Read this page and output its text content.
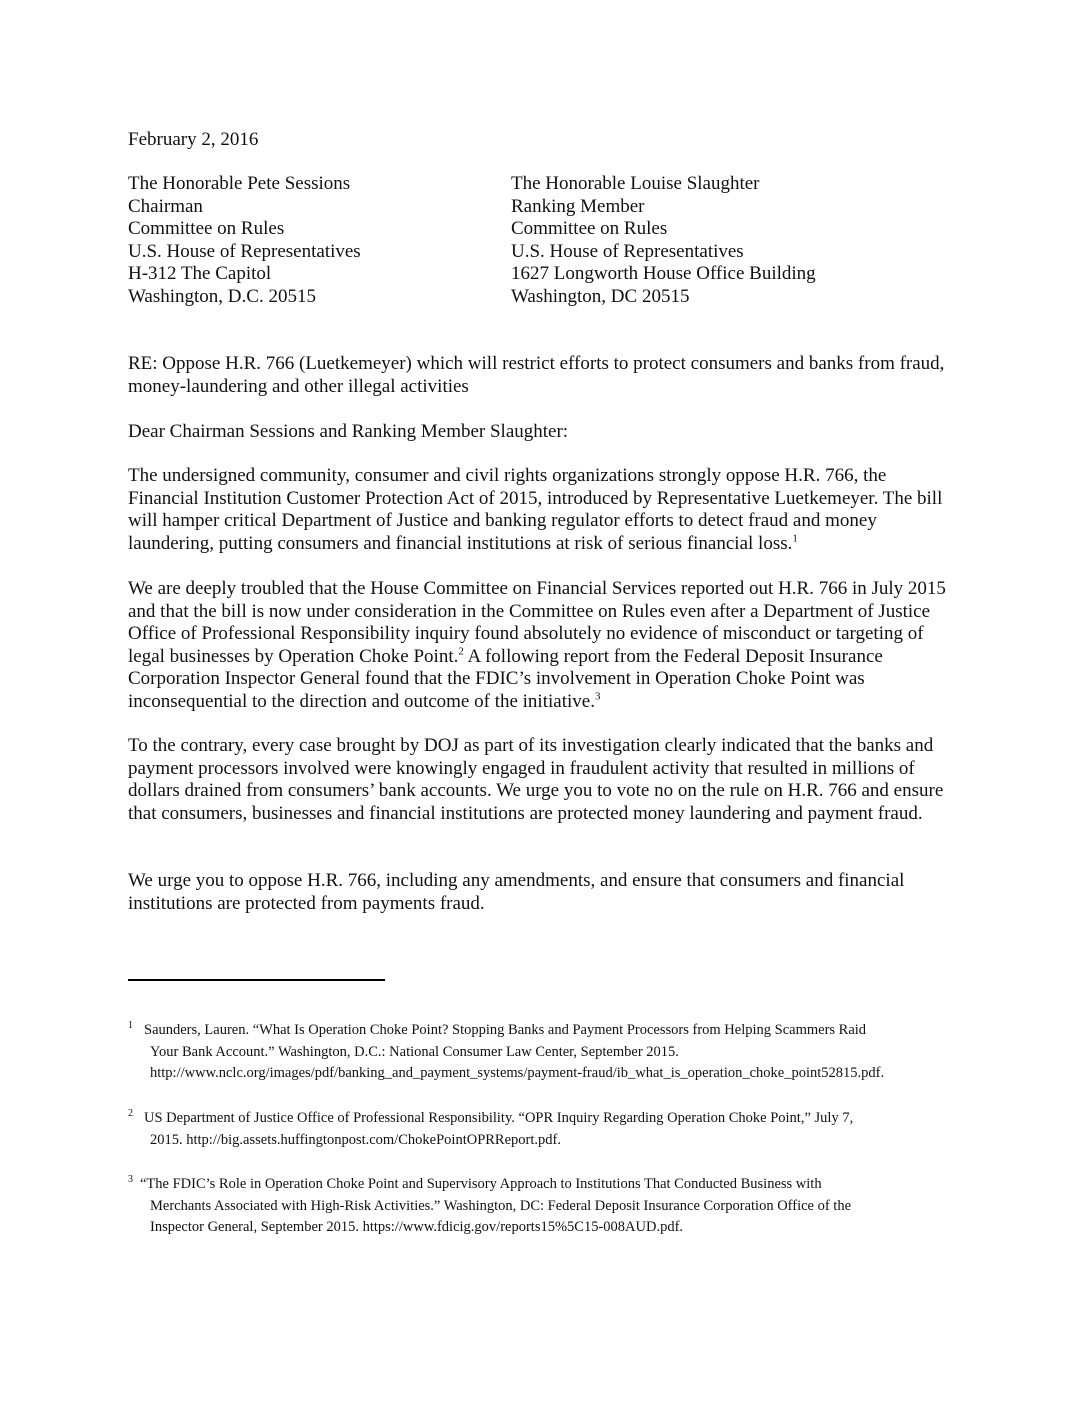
February 2, 2016
The Honorable Pete Sessions
Chairman
Committee on Rules
U.S. House of Representatives
H-312 The Capitol
Washington, D.C. 20515
The Honorable Louise Slaughter
Ranking Member
Committee on Rules
U.S. House of Representatives
1627 Longworth House Office Building
Washington, DC 20515
RE: Oppose H.R. 766 (Luetkemeyer) which will restrict efforts to protect consumers and banks from fraud, money-laundering and other illegal activities
Dear Chairman Sessions and Ranking Member Slaughter:
The undersigned community, consumer and civil rights organizations strongly oppose H.R. 766, the Financial Institution Customer Protection Act of 2015, introduced by Representative Luetkemeyer. The bill will hamper critical Department of Justice and banking regulator efforts to detect fraud and money laundering, putting consumers and financial institutions at risk of serious financial loss.$^1$
We are deeply troubled that the House Committee on Financial Services reported out H.R. 766 in July 2015 and that the bill is now under consideration in the Committee on Rules even after a Department of Justice Office of Professional Responsibility inquiry found absolutely no evidence of misconduct or targeting of legal businesses by Operation Choke Point.$^2$ A following report from the Federal Deposit Insurance Corporation Inspector General found that the FDIC’s involvement in Operation Choke Point was inconsequential to the direction and outcome of the initiative.$^3$
To the contrary, every case brought by DOJ as part of its investigation clearly indicated that the banks and payment processors involved were knowingly engaged in fraudulent activity that resulted in millions of dollars drained from consumers’ bank accounts. We urge you to vote no on the rule on H.R. 766 and ensure that consumers, businesses and financial institutions are protected money laundering and payment fraud.
We urge you to oppose H.R. 766, including any amendments, and ensure that consumers and financial institutions are protected from payments fraud.
1 Saunders, Lauren. “What Is Operation Choke Point? Stopping Banks and Payment Processors from Helping Scammers Raid
Your Bank Account.” Washington, D.C.: National Consumer Law Center, September 2015.
http://www.nclc.org/images/pdf/banking_and_payment_systems/payment-fraud/ib_what_is_operation_choke_point52815.pdf.
2 US Department of Justice Office of Professional Responsibility. “OPR Inquiry Regarding Operation Choke Point,” July 7,
2015. http://big.assets.huffingtonpost.com/ChokePointOPRReport.pdf.
3 “The FDIC’s Role in Operation Choke Point and Supervisory Approach to Institutions That Conducted Business with
Merchants Associated with High-Risk Activities.” Washington, DC: Federal Deposit Insurance Corporation Office of the
Inspector General, September 2015. https://www.fdicig.gov/reports15%5C15-008AUD.pdf.
